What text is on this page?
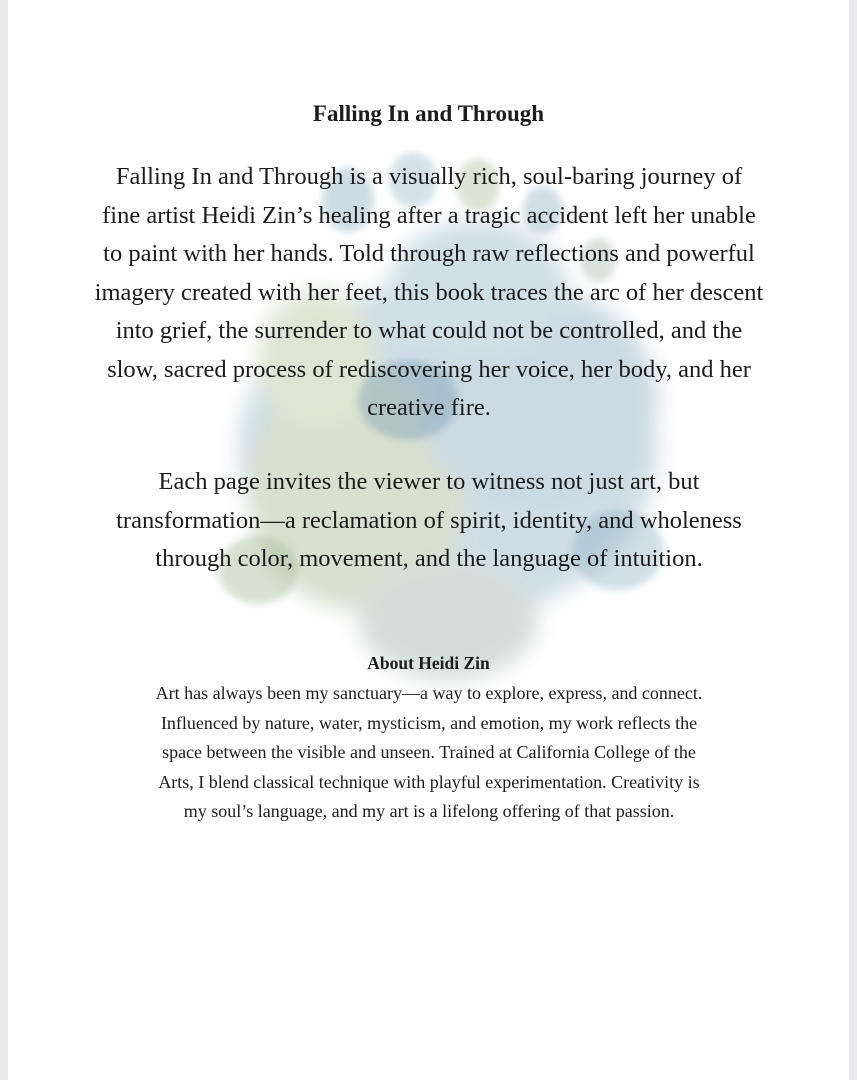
Falling In and Through

Falling In and Through is a visually rich, soul-baring journey of fine artist Heidi Zin’s healing after a tragic accident left her unable to paint with her hands. Told through raw reflections and powerful imagery created with her feet, this book traces the arc of her descent into grief, the surrender to what could not be controlled, and the slow, sacred process of rediscovering her voice, her body, and her creative fire.

Each page invites the viewer to witness not just art, but transformation—a reclamation of spirit, identity, and wholeness through color, movement, and the language of intuition.

About Heidi Zin

Art has always been my sanctuary—a way to explore, express, and connect. Influenced by nature, water, mysticism, and emotion, my work reflects the space between the visible and unseen. Trained at California College of the Arts, I blend classical technique with playful experimentation. Creativity is my soul’s language, and my art is a lifelong offering of that passion.
